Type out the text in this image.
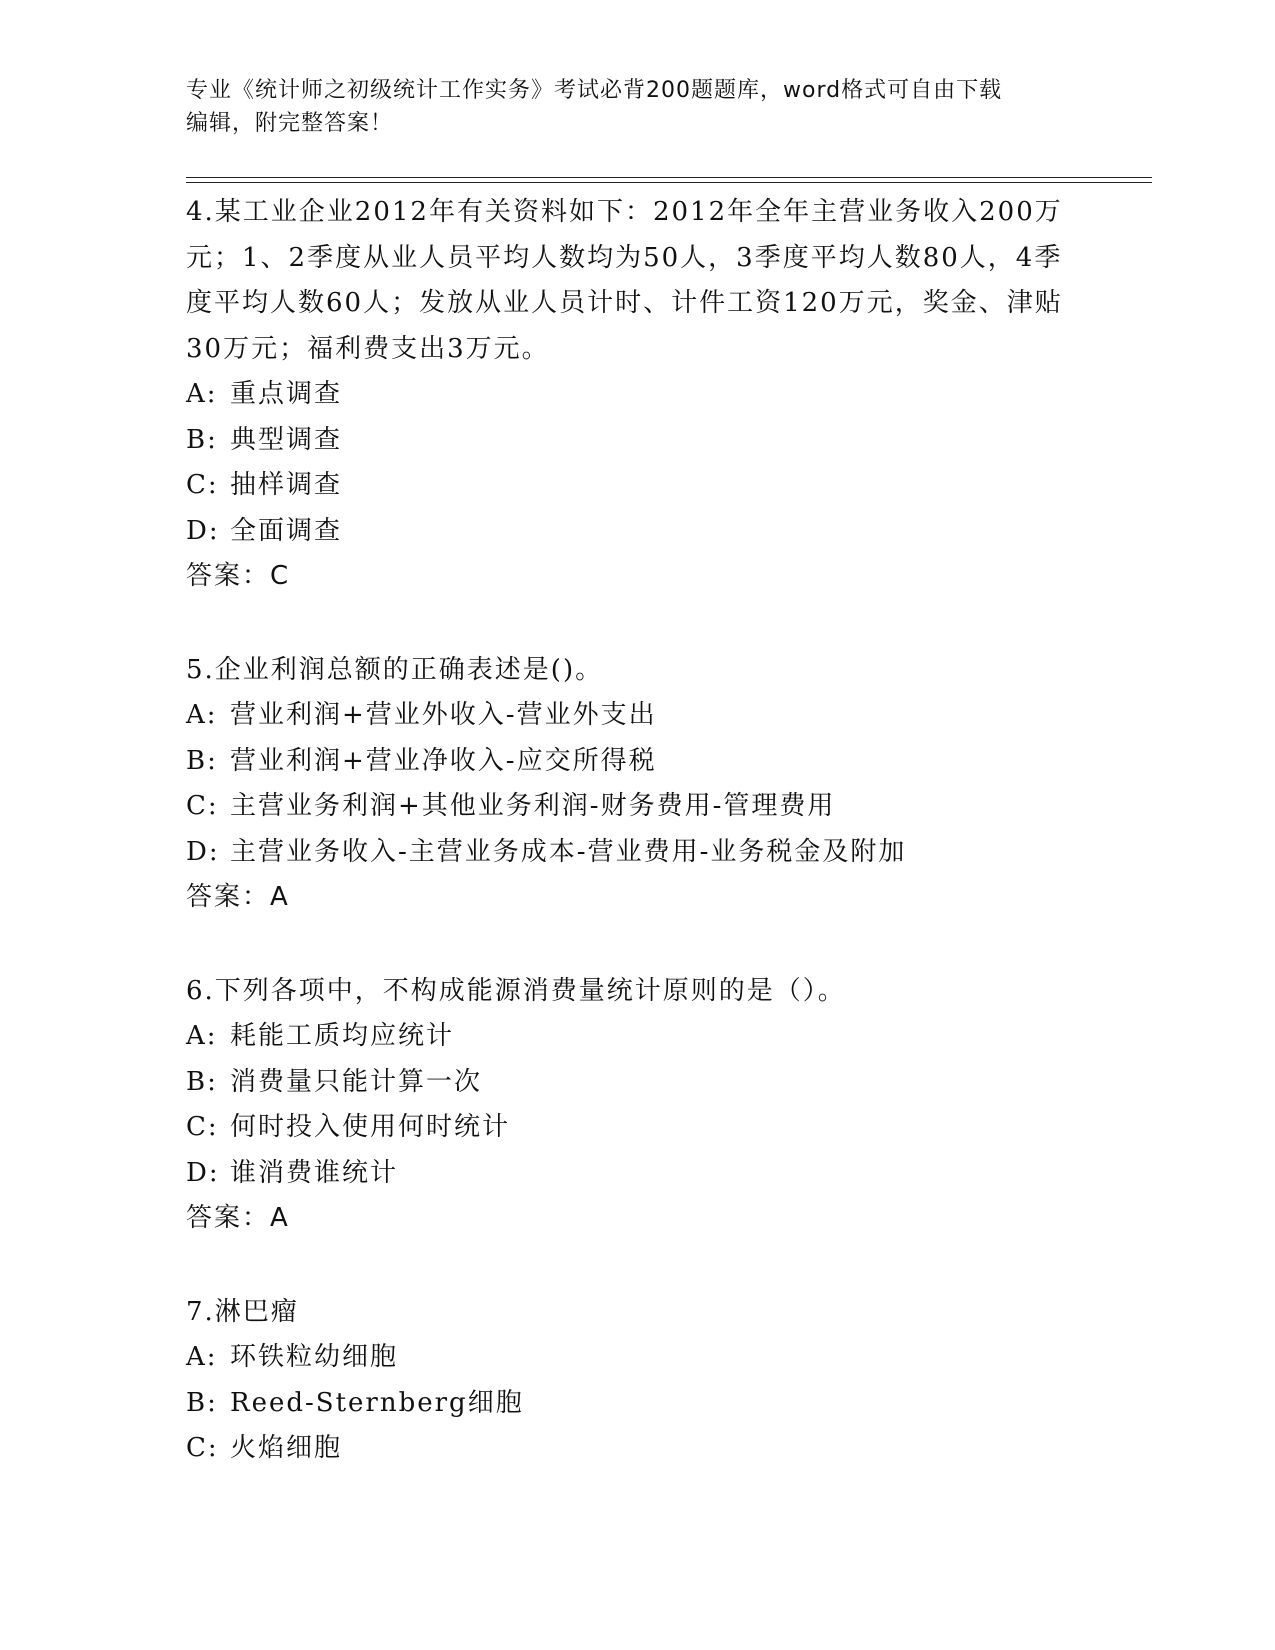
专业《统计师之初级统计工作实务》考试必背200题题库，word格式可自由下载
编辑，附完整答案！
4.某工业企业2012年有关资料如下：2012年全年主营业务收入200万元；1、2季度从业人员平均人数均为50人，3季度平均人数80人，4季度平均人数60人；发放从业人员计时、计件工资120万元，奖金、津贴30万元；福利费支出3万元。
A: 重点调查
B: 典型调查
C: 抽样调查
D: 全面调查
答案：C
5.企业利润总额的正确表述是()。
A: 营业利润+营业外收入-营业外支出
B: 营业利润+营业净收入-应交所得税
C: 主营业务利润+其他业务利润-财务费用-管理费用
D: 主营业务收入-主营业务成本-营业费用-业务税金及附加
答案：A
6.下列各项中，不构成能源消费量统计原则的是（）。
A: 耗能工质均应统计
B: 消费量只能计算一次
C: 何时投入使用何时统计
D: 谁消费谁统计
答案：A
7.淋巴瘤
A: 环铁粒幼细胞
B: Reed-Sternberg细胞
C: 火焰细胞
